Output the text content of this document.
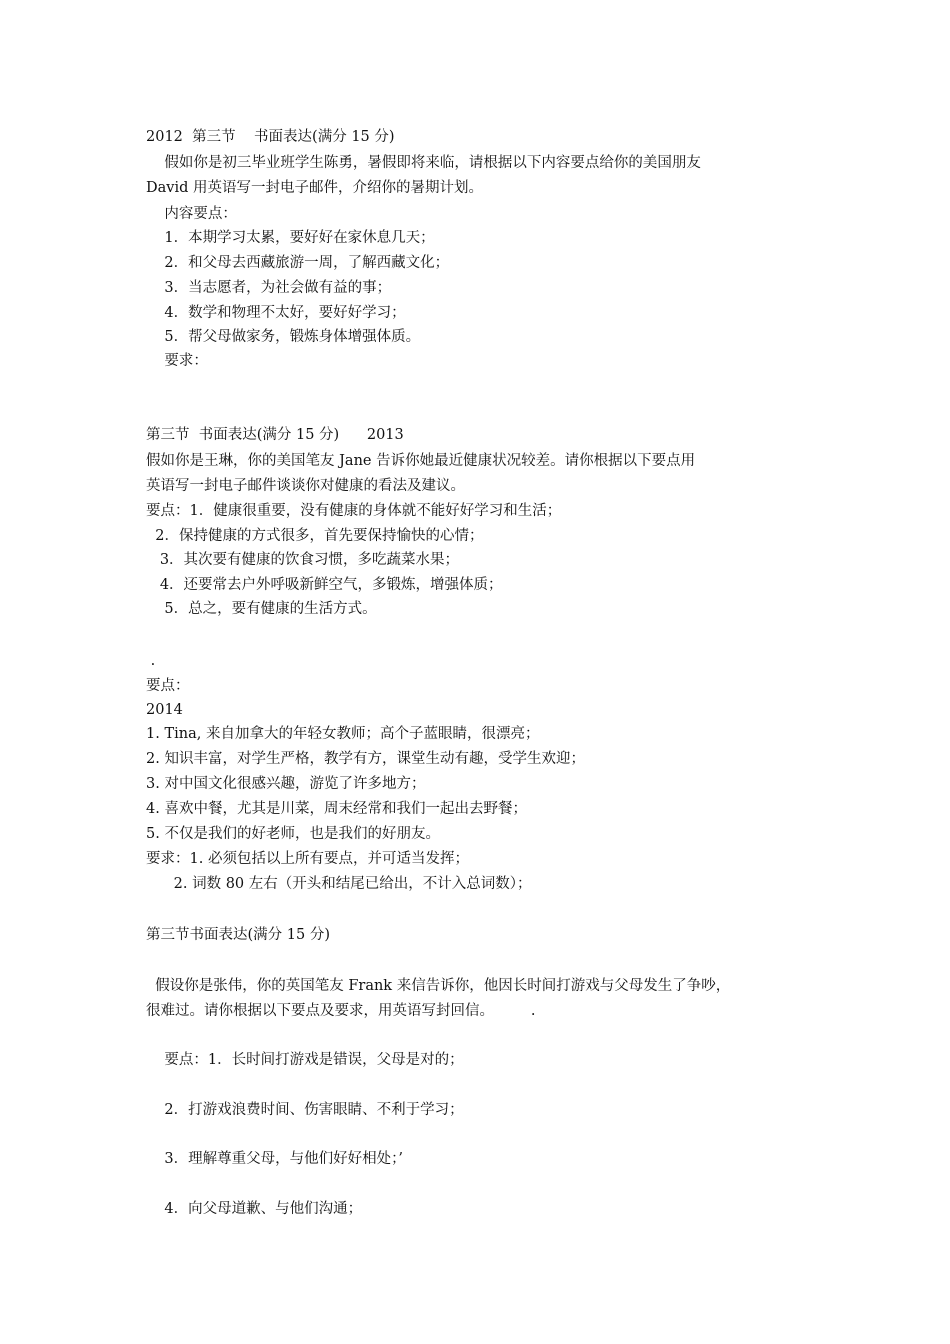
2012  第三节    书面表达(满分 15 分)
假如你是初三毕业班学生陈勇，暑假即将来临，请根据以下内容要点给你的美国朋友
David 用英语写一封电子邮件，介绍你的暑期计划。
内容要点：
1．本期学习太累，要好好在家休息几天；
2．和父母去西藏旅游一周，了解西藏文化；
3．当志愿者，为社会做有益的事；
4．数学和物理不太好，要好好学习；
5．帮父母做家务，锻炼身体增强体质。
要求：
第三节  书面表达(满分 15 分)      2013
假如你是王琳，你的美国笔友 Jane 告诉你她最近健康状况较差。请你根据以下要点用
英语写一封电子邮件谈谈你对健康的看法及建议。
要点：1．健康很重要，没有健康的身体就不能好好学习和生活；
2．保持健康的方式很多，首先要保持愉快的心情；
3．其次要有健康的饮食习惯，多吃蔬菜水果；
4．还要常去户外呼吸新鲜空气，多锻炼，增强体质；
5．总之，要有健康的生活方式。
.
要点：
2014
1. Tina, 来自加拿大的年轻女教师；高个子蓝眼睛，很漂亮；
2. 知识丰富，对学生严格，教学有方，课堂生动有趣，受学生欢迎；
3. 对中国文化很感兴趣，游览了许多地方；
4. 喜欢中餐，尤其是川菜，周末经常和我们一起出去野餐；
5. 不仅是我们的好老师，也是我们的好朋友。
要求：1. 必须包括以上所有要点，并可适当发挥；
2. 词数 80 左右（开头和结尾已给出，不计入总词数）；
第三节书面表达(满分 15 分)
假设你是张伟，你的英国笔友 Frank 来信告诉你，他因长时间打游戏与父母发生了争吵，
很难过。请你根据以下要点及要求，用英语写封回信。        .
要点：1．长时间打游戏是错误，父母是对的；
2．打游戏浪费时间、伤害眼睛、不利于学习；
3．理解尊重父母，与他们好好相处；’
4．向父母道歉、与他们沟通；
